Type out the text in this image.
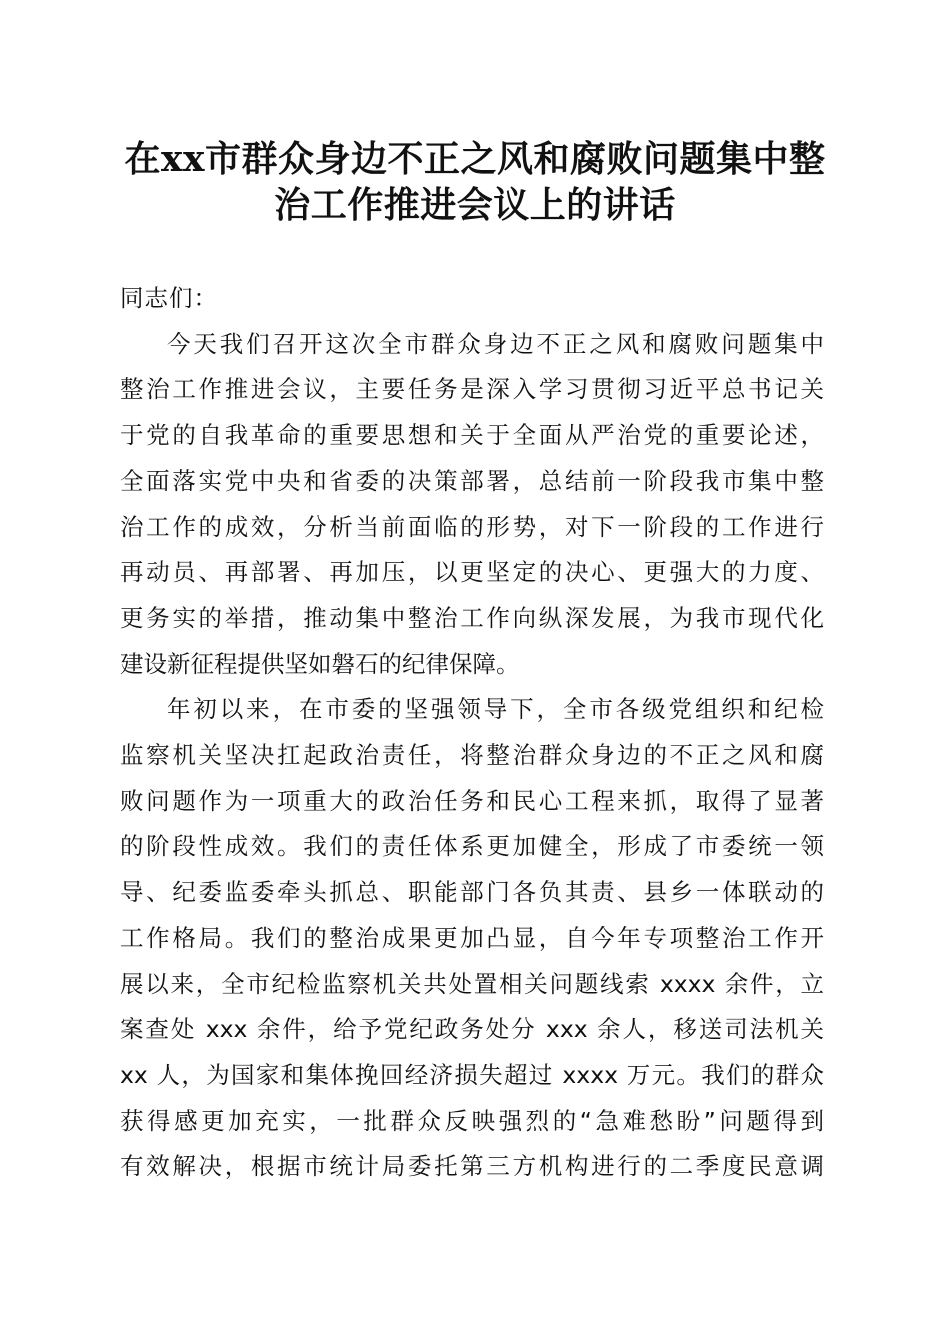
在xx市群众身边不正之风和腐败问题集中整
治工作推进会议上的讲话

同志们：

今天我们召开这次全市群众身边不正之风和腐败问题集中
整治工作推进会议，主要任务是深入学习贯彻习近平总书记关
于党的自我革命的重要思想和关于全面从严治党的重要论述，
全面落实党中央和省委的决策部署，总结前一阶段我市集中整
治工作的成效，分析当前面临的形势，对下一阶段的工作进行
再动员、再部署、再加压，以更坚定的决心、更强大的力度、
更务实的举措，推动集中整治工作向纵深发展，为我市现代化
建设新征程提供坚如磐石的纪律保障。

年初以来，在市委的坚强领导下，全市各级党组织和纪检
监察机关坚决扛起政治责任，将整治群众身边的不正之风和腐
败问题作为一项重大的政治任务和民心工程来抓，取得了显著
的阶段性成效。我们的责任体系更加健全，形成了市委统一领
导、纪委监委牵头抓总、职能部门各负其责、县乡一体联动的
工作格局。我们的整治成果更加凸显，自今年专项整治工作开
展以来，全市纪检监察机关共处置相关问题线索 xxxx 余件，立
案查处 xxx 余件，给予党纪政务处分 xxx 余人，移送司法机关
xx 人，为国家和集体挽回经济损失超过 xxxx 万元。我们的群众
获得感更加充实，一批群众反映强烈的“急难愁盼”问题得到
有效解决，根据市统计局委托第三方机构进行的二季度民意调
